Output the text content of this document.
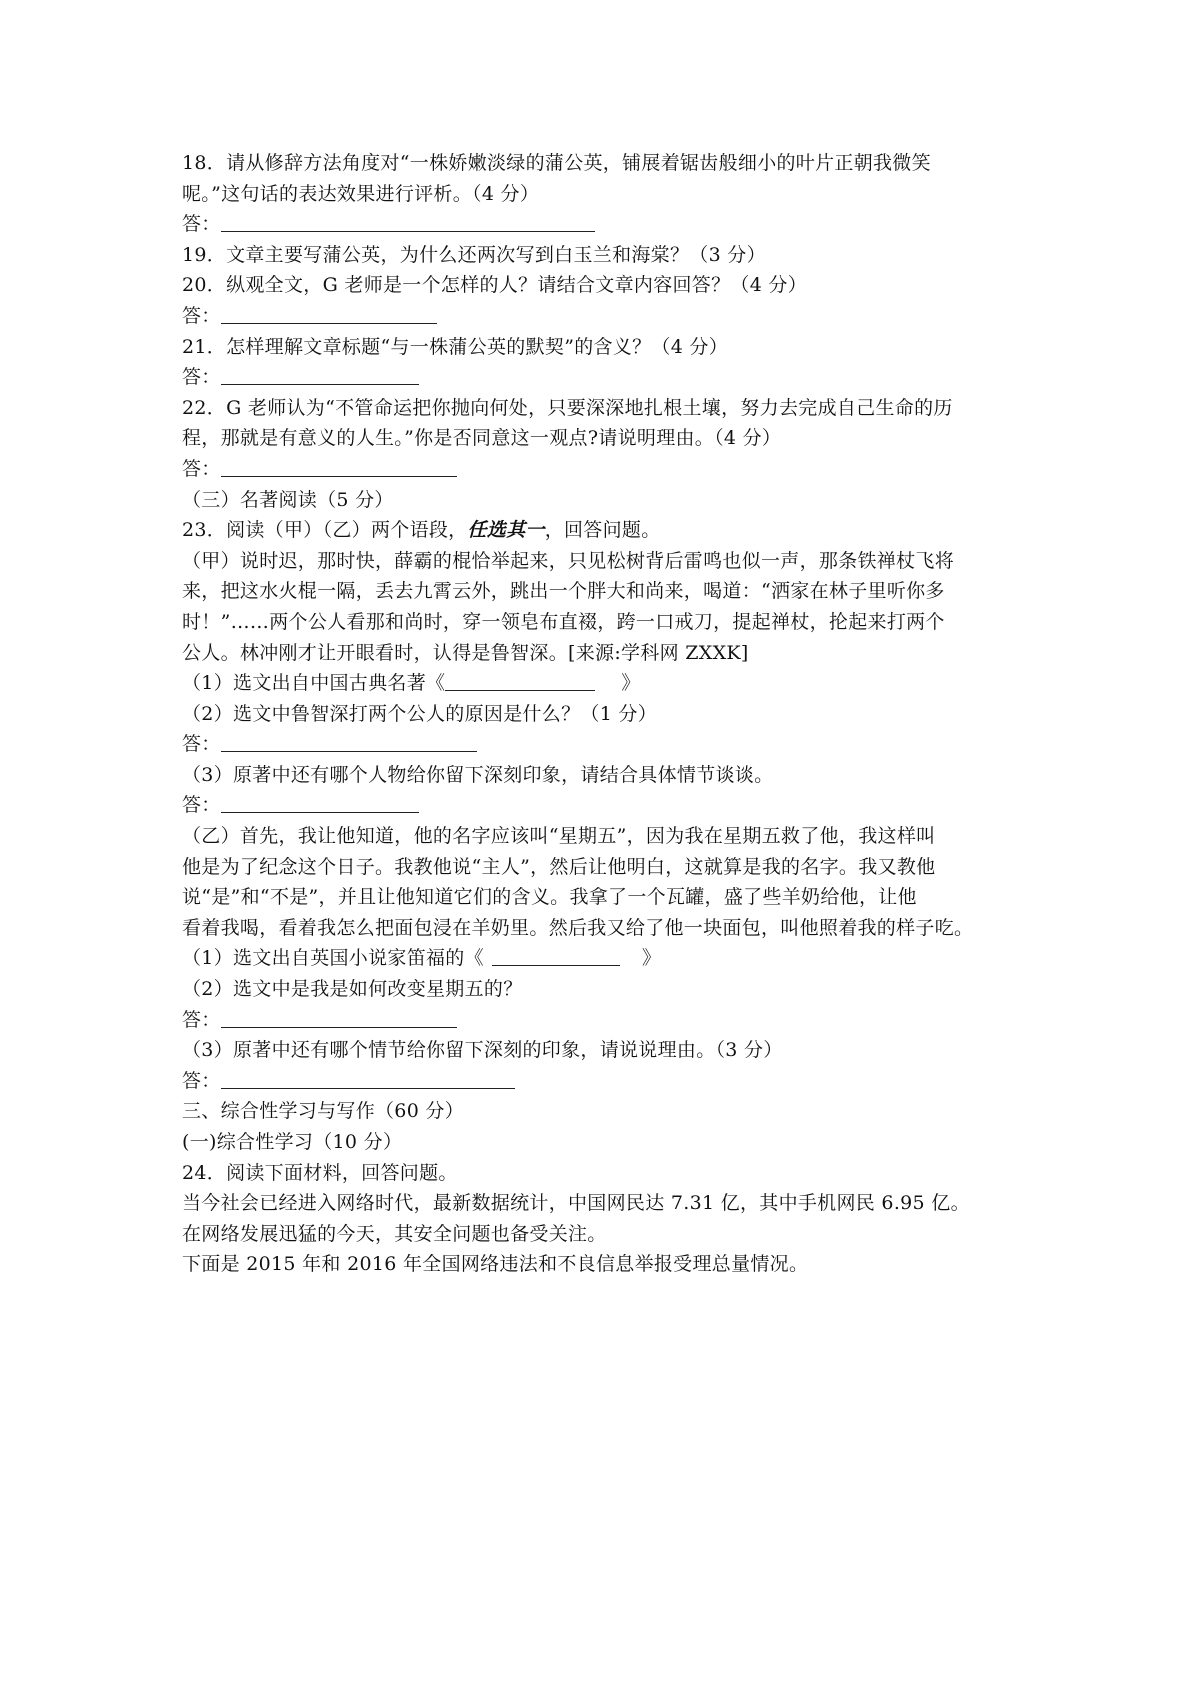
18．请从修辞方法角度对“一株娇嫩淡绿的蒲公英，铺展着锯齿般细小的叶片正朝我微笑
呢。”这句话的表达效果进行评析。（4 分）
答：
19．文章主要写蒲公英，为什么还两次写到白玉兰和海棠？（3 分）
20．纵观全文，G 老师是一个怎样的人？请结合文章内容回答？（4 分）
答：
21．怎样理解文章标题“与一株蒲公英的默契”的含义？（4 分）
答：
22．G 老师认为“不管命运把你抛向何处，只要深深地扎根土壤，努力去完成自己生命的历
程，那就是有意义的人生。”你是否同意这一观点?请说明理由。（4 分）
答：
（三）名著阅读（5 分）
23．阅读（甲）（乙）两个语段，任选其一，回答问题。
（甲）说时迟，那时快，薛霸的棍恰举起来，只见松树背后雷鸣也似一声，那条铁禅杖飞将
来，把这水火棍一隔，丢去九霄云外，跳出一个胖大和尚来，喝道：“洒家在林子里听你多
时！”……两个公人看那和尚时，穿一领皂布直裰，跨一口戒刀，提起禅杖，抡起来打两个
公人。林冲刚才让开眼看时，认得是鲁智深。[来源:学科网 ZXXK]
（1）选文出自中国古典名著《	》
（2）选文中鲁智深打两个公人的原因是什么？（1 分）
答：
（3）原著中还有哪个人物给你留下深刻印象，请结合具体情节谈谈。
答：
（乙）首先，我让他知道，他的名字应该叫“星期五”，因为我在星期五救了他，我这样叫
他是为了纪念这个日子。我教他说“主人”，然后让他明白，这就算是我的名字。我又教他
说“是”和“不是”，并且让他知道它们的含义。我拿了一个瓦罐，盛了些羊奶给他，让他
看着我喝，看着我怎么把面包浸在羊奶里。然后我又给了他一块面包，叫他照着我的样子吃。
（1）选文出自英国小说家笛福的《	》
（2）选文中是我是如何改变星期五的？
答：
（3）原著中还有哪个情节给你留下深刻的印象，请说说理由。（3 分）
答：
三、综合性学习与写作（60 分）
(一)综合性学习（10 分）
24．阅读下面材料，回答问题。
当今社会已经进入网络时代，最新数据统计，中国网民达 7.31 亿，其中手机网民 6.95 亿。
在网络发展迅猛的今天，其安全问题也备受关注。
下面是 2015 年和 2016 年全国网络违法和不良信息举报受理总量情况。
